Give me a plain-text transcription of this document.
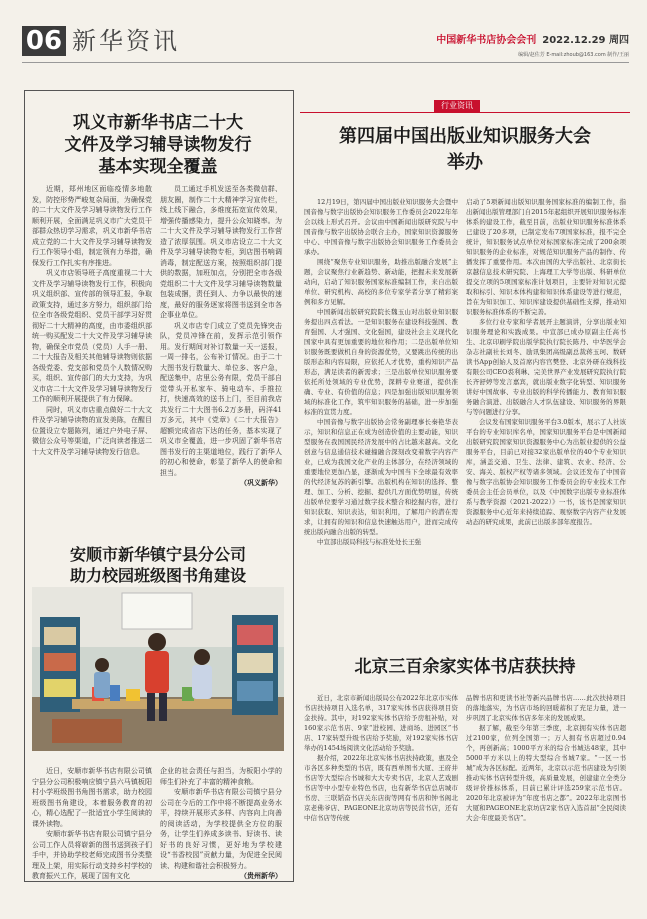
06 新华资讯	中国新华书店协会会刊 2022.12.29 周四
编辑/赵佐芳 E-mail:zhoub@163.com 制作/王丽
巩义市新华书店二十大
文件及学习辅导读物发行
基本实现全覆盖

近期，郑州地区面临疫情多地散发，防控形势严峻复杂局面，为确保党的二十大文件及学习辅导读物发行工作顺利开展，全面满足巩义市广大党员干部群众热切学习需求，巩义市新华书店成立党的二十大文件及学习辅导读物发行工作领导小组，制定领有力举措，确保发行工作扎实有序推进。

巩义市店领导班子高度重视二十大文件及学习辅导读物发行工作，积极向巩义组织部、宣传部的领导汇报，争取政策支持，通过多方努力，组织部门给位全市各级党组织、党员干部学习好贯彻好二十大精神的高度，由市委组织部统一购买配发二十大文件及学习辅导读物，确保全市党员（党员）人手一册、二十大报告及相关其他辅导读物则依据各级党委、党支部和党员个人数情况购买，组织、宣传部门的大力支持，为巩义市店二十大文件及学习辅导读物发行工作的顺利开展提供了有力保障。

同时，巩义市店重点做好二十大文件及学习辅导读物的宣发美陈，在醒目位置设立专题陈列，通过户外电子屏、微信公众号等渠道，广泛向读者推送二十大文件及学习辅导读物发行信息。

员工通过手机发送至各类微信群、朋友圈，制作二十大精神学习宣传栏，线上线下融合，多维度拓宽宣传效果，增强传播感染力，提升公众知晓率。为二十大文件及学习辅导读物发行工作营造了浓厚氛围。巩义市店设立二十大文件及学习辅导读物专柜，到店图书响调消毒，制定配送方案，按照组织部门提供的数据，加班加点，分别把全市各级党组织二十大文件及学习辅导读物数量包装成捆，责任到人、力争以最快的速度，最好的服务逐家将图书送到全市各企事业单位。

巩义市店专门成立了党员先锋突击队，党员冲锋在前，发挥示范引领作用。发行期间对补订数量一天一送报，一周一排名，公布补订情况。由于二十大图书发行数量大、单位多、客户急，配送集中，店里公务有限，党员干部自觉带头开私家车、骑电动车、手推拉打，快速高效的送书上门，至目前我店共发行二十大图书6.2万多册，码洋41万多元，其中《党章》《二十大报告》超额完成省店下达的任务，基本实现了巩义市全覆盖，进一步巩固了新华书店图书发行的主渠道地位，践行了新华人的初心和使命，彰显了新华人的使命和担当。

（巩义新华）

安顺市新华镇宁县分公司
助力校园班级图书角建设

近日，安顺市新华书店有限公司镇宁县分公司积极响应镇宁县六马镇板阳村小学班级图书角图书需求，助力校园班级图书角建设，本着服务教育的初心，精心选配了一批适宜小学生阅读的课外读物。

安顺市新华书店有限公司镇宁县分公司工作人员将崭新的图书送到孩子们手中，并协助学校老师完成图书分类整理及上架，用实际行动支持乡村学校的教育振兴工作，展现了国有文化

企业的社会责任与担当，为板阳小学的师生们补充了丰富的精神食粮。

安顺市新华书店有限公司镇宁县分公司在今后的工作中将不断提高业务水平，持续开展形式多样、内容向上向善的阅读活动，为学校提供全方位的服务，让学生们养成多读书、好读书、读好书的良好习惯，更好地为学校建设“书香校园”贡献力量，为促进全民阅读、构建和谐社会积极努力。

（贵州新华）

行业资讯
第四届中国出版业知识服务大会
举办

12月19日，第四届中国出版业知识服务大会暨中国音像与数字出版协会知识服务工作委员会2022年年会以线上形式召开。会议由中国新闻出版研究院与中国音像与数字出版协会联合主办，国家知识资源服务中心、中国音像与数字出版协会知识服务工作委员会承办。

围绕“聚焦专业知识服务，助推出版融合发展”主题，会议聚焦行业新趋势、新动能，把握未来发展新动向，启动了知识服务国家标准编制工作，来自出版单位、研究机构、高校的多位专家学者分享了精彩案例和多方见解。

中国新闻出版研究院院长魏玉山对出版业知识服务提出四点看法。一是知识服务在建设科技强国、教育强国、人才强国、文化强国，建设社会主义现代化国家中具有更加重要的地位和作用；二是出版单位知识服务既要做机自身的资源优势，又要跳出传统的出版形态和内容局限，应依托人才优势，重构知识产品形态，满足读者的新需求；三是出版单位知识服务要依托所处领域的专业优势，深耕专业赛道，提供准确、专业、有价值的信息；四是加强出版知识服务领域的标准化工作，筑牢知识服务的基础，进一步加强标准的宣贯力度。

中国音像与数字出版协会常务副理事长秦艳华表示，知识和信息正在成为创造价值的主要动能，知识型服务在我国国民经济发展中的占比越来越高。文化创意与信息通信技术碰撞融合深刻改变着数字内容产业，已成为我国文化产业的主体部分，在经济领域的重要地位更加凸显，逐渐成为中国当下全球最有效率的代经济复苏的新引擎。出版机构在知识的选择、整理、加工、分析、挖掘、提供几方面优势明显，传统出版单位要学习通过数字技术整合和挖掘内容，进行知识获取、知识表达，知识利用，了解用户的潜在需求，让拥有的知识和信息快速触达用户，进而完成传统出版向融合出版的转型。

中宣部出版局科技与标准处处长王强

启动了5项新闻出版知识服务国家标准的编制工作，指出新闻出版管理部门自2015年起组织开展知识服务标准体系的建设工作，截至目前，出版业知识服务标准体系已建设了20多项，已制定发布7项国家标准，报不完全统计，知识服务试点单位对标国家标准完成了200余项知识服务的企业标准，对规范知识服务产品的制作、传播发挥了重要作用。本次由国的大学出版社、北京街长京越信息技术研究院、上海理工大学等出版、科研单位提交立项的5项国家标准计划项目，主要针对知识元提取和标引、知识本体构建和知识体系建设等进行规范，旨在为知识加工、知识库建设提供基础性支撑，推动知识服务标准体系的不断完善。

多位行业专家和学者展开主题演讲，分享出版业知识服务理论和实践成果。中宣部已成办原副主任高书生、北京印刷学院出版学院执行院长陈丹、中华医学会杂志社副社长刘冬、励讯集团高级副总裁蒋玉珂、数研读书App创始人及首席内容官樊登、北京外研在线科技有限公司CEO裘利琳、完美世界产业发展研究院执行院长齐舒婷等发言嘉宾，就出版业数字化转型、知识服务讲好中国故事、专业出版的科学传播能力、教育知识服务融合演进、出版融合人才队伍建设、知识服务的界限与等问题进行分享。

会议发布国家知识服务平台3.0版本，展示了人社该平台的专业知识库名单，国家知识服务平台是中国新闻出版研究院国家知识资源服务中心为出版业提供的公益服务平台，目前已对接32家出版单位的40个专业知识库，涵盖交通、卫生、法律、建筑、农业、经济、公安、海关、版权产权等诸多领域。会议还发布了中国音像与数字出版协会知识服务工作委员会的专业技术工作委员会主任会员单位，以及《中国数字出版专业标准体系与教学资源（2021-2022）》一书，该书是国家知识资源服务中心近年来持续追踪、观察数字内容产业发展动态的研究成果，此前已出版多部年度报告。

北京三百余家实体书店获扶持

近日，北京市新闻出版局公布2022年北京市实体书店扶持项目入选名单，317家实体书店获得项目资金扶持。其中，对192家实体书店给予房租补贴，对160家示范书店、9家“进校园、进商场、进园区”书店、17家转型升级书店给予奖励，对192家实体书店举办的1454场阅读文化活动给予奖励。

据介绍，2022年北京实体书店扶持政策，惠及全市各区多种类型的书店，既有西单图书大厦、王府井书店等大型综合书城和大大专卖书店，北京人艺戏剧书店等中小型专业特色书店，也有新华书店总店城市书房、三联韬奋书店关东店街等网有书店和钟书阁北京老佛爷店、PAGEONE北京坊店等民营书店，还有中信书店等传统

品牌书店和更读书社等新兴品牌书店……此次扶持项目的落地落实，为书店市场的回暖蓄积了充足力量，进一步巩固了北京实体书店多年来的发展成果。

据了解，截至今年第三季度，北京拥有实体书店超过2100家，位列全国第一；万人拥有书店超过0.94个，再创新高；1000平方米的综合书城达48家，其中5000平方米以上的特大型综合书城7家。“一区一书城”成为各区标配。近两年，北京以示范书店建设为引领推动实体书店转型升级，高质量发展，创建建立全类分级评价推标体系，目前已累计评选259家示范书店。2020年北京被评为“年度书店之都”。2022年北京图书大厦和PAGEONE北京坊店2家书店入选首届“全民阅读大会·年度最美书店”。
